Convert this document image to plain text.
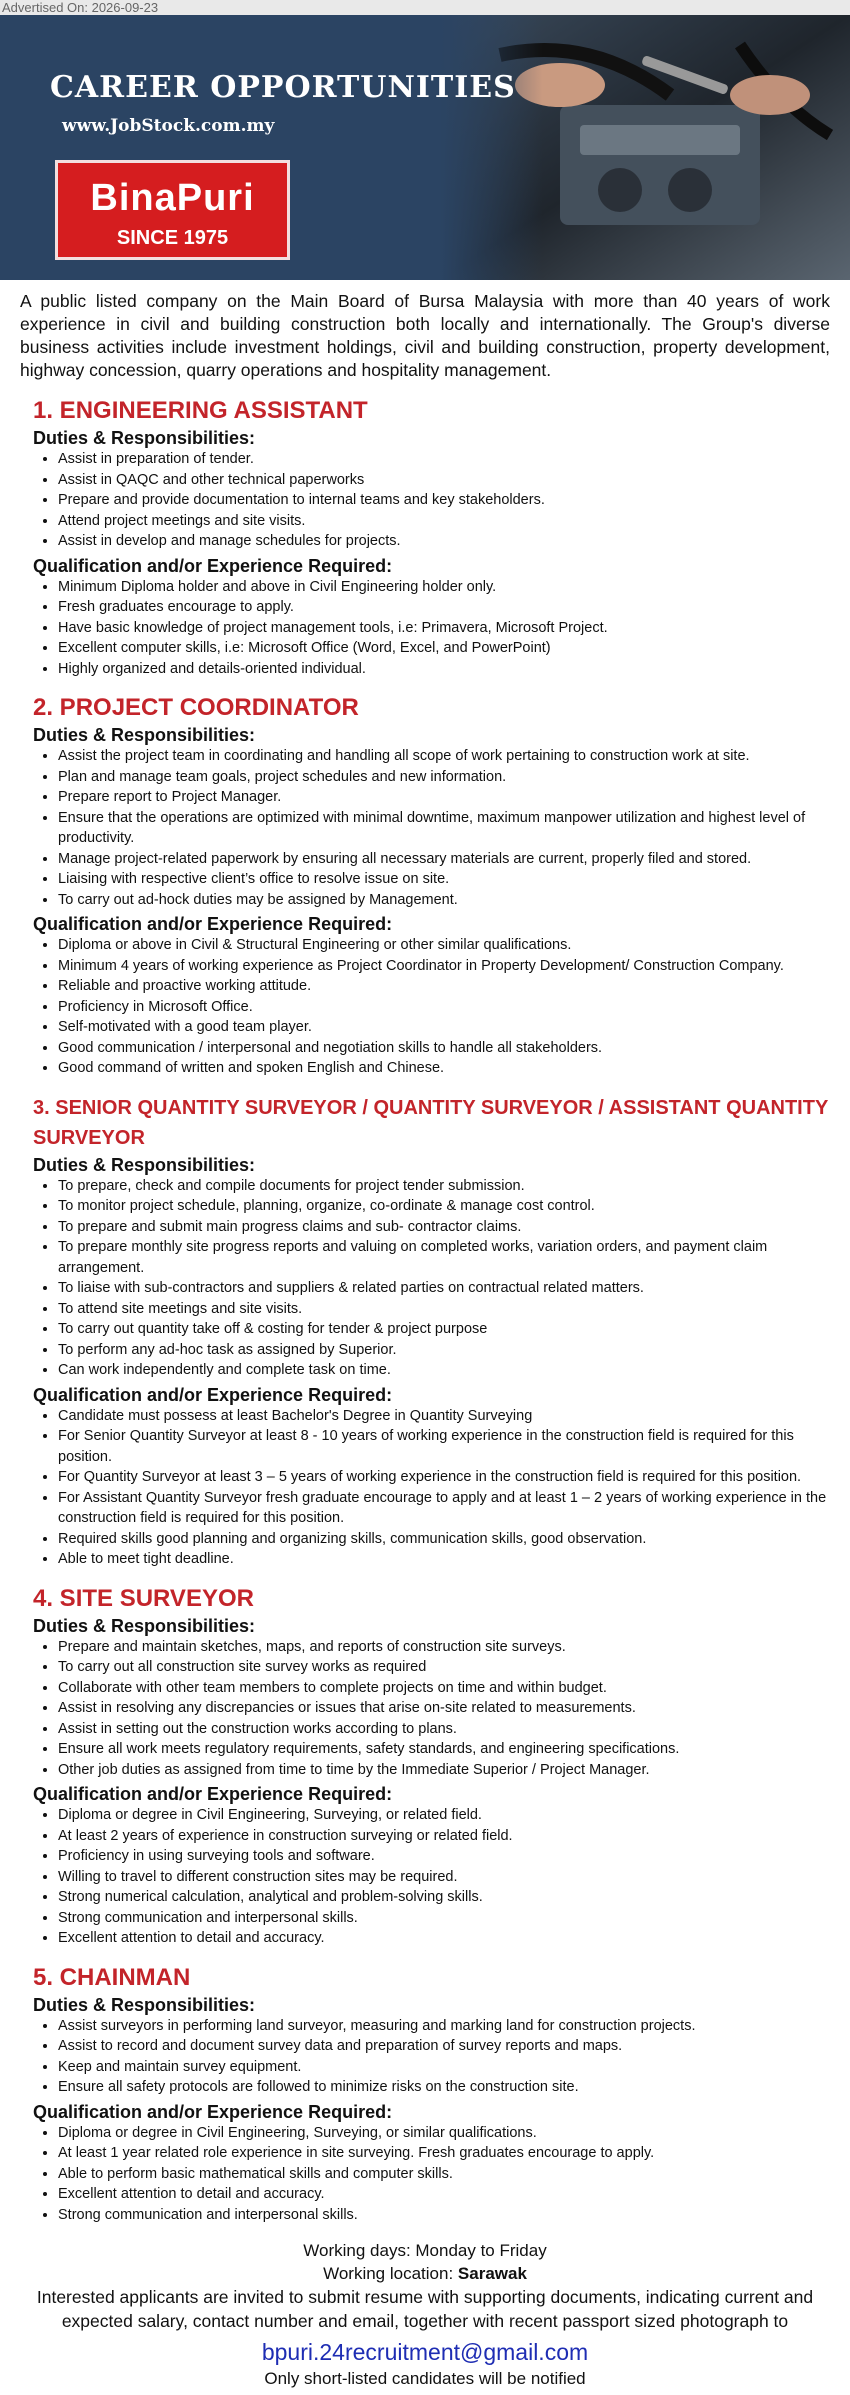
Advertised On: 2026-09-23
CAREER OPPORTUNITIES
www.JobStock.com.my
BinaPuri
SINCE 1975
A public listed company on the Main Board of Bursa Malaysia with more than 40 years of work experience in civil and building construction both locally and internationally. The Group's diverse business activities include investment holdings, civil and building construction, property development, highway concession, quarry operations and hospitality management.
1. ENGINEERING ASSISTANT
Duties & Responsibilities:
• Assist in preparation of tender.
• Assist in QAQC and other technical paperworks
• Prepare and provide documentation to internal teams and key stakeholders.
• Attend project meetings and site visits.
• Assist in develop and manage schedules for projects.
Qualification and/or Experience Required:
• Minimum Diploma holder and above in Civil Engineering holder only.
• Fresh graduates encourage to apply.
• Have basic knowledge of project management tools, i.e: Primavera, Microsoft Project.
• Excellent computer skills, i.e: Microsoft Office (Word, Excel, and PowerPoint)
• Highly organized and details-oriented individual.
2. PROJECT COORDINATOR
Duties & Responsibilities:
• Assist the project team in coordinating and handling all scope of work pertaining to construction work at site.
• Plan and manage team goals, project schedules and new information.
• Prepare report to Project Manager.
• Ensure that the operations are optimized with minimal downtime, maximum manpower utilization and highest level of productivity.
• Manage project-related paperwork by ensuring all necessary materials are current, properly filed and stored.
• Liaising with respective client’s office to resolve issue on site.
• To carry out ad-hock duties may be assigned by Management.
Qualification and/or Experience Required:
• Diploma or above in Civil & Structural Engineering or other similar qualifications.
• Minimum 4 years of working experience as Project Coordinator in Property Development/ Construction Company.
• Reliable and proactive working attitude.
• Proficiency in Microsoft Office.
• Self-motivated with a good team player.
• Good communication / interpersonal and negotiation skills to handle all stakeholders.
• Good command of written and spoken English and Chinese.
3. SENIOR QUANTITY SURVEYOR / QUANTITY SURVEYOR / ASSISTANT QUANTITY SURVEYOR
Duties & Responsibilities:
• To prepare, check and compile documents for project tender submission.
• To monitor project schedule, planning, organize, co-ordinate & manage cost control.
• To prepare and submit main progress claims and sub- contractor claims.
• To prepare monthly site progress reports and valuing on completed works, variation orders, and payment claim arrangement.
• To liaise with sub-contractors and suppliers & related parties on contractual related matters.
• To attend site meetings and site visits.
• To carry out quantity take off & costing for tender & project purpose
• To perform any ad-hoc task as assigned by Superior.
• Can work independently and complete task on time.
Qualification and/or Experience Required:
• Candidate must possess at least Bachelor's Degree in Quantity Surveying
• For Senior Quantity Surveyor at least 8 - 10 years of working experience in the construction field is required for this position.
• For Quantity Surveyor at least 3 – 5 years of working experience in the construction field is required for this position.
• For Assistant Quantity Surveyor fresh graduate encourage to apply and at least 1 – 2 years of working experience in the construction field is required for this position.
• Required skills good planning and organizing skills, communication skills, good observation.
• Able to meet tight deadline.
4. SITE SURVEYOR
Duties & Responsibilities:
• Prepare and maintain sketches, maps, and reports of construction site surveys.
• To carry out all construction site survey works as required
• Collaborate with other team members to complete projects on time and within budget.
• Assist in resolving any discrepancies or issues that arise on-site related to measurements.
• Assist in setting out the construction works according to plans.
• Ensure all work meets regulatory requirements, safety standards, and engineering specifications.
• Other job duties as assigned from time to time by the Immediate Superior / Project Manager.
Qualification and/or Experience Required:
• Diploma or degree in Civil Engineering, Surveying, or related field.
• At least 2 years of experience in construction surveying or related field.
• Proficiency in using surveying tools and software.
• Willing to travel to different construction sites may be required.
• Strong numerical calculation, analytical and problem-solving skills.
• Strong communication and interpersonal skills.
• Excellent attention to detail and accuracy.
5. CHAINMAN
Duties & Responsibilities:
• Assist surveyors in performing land surveyor, measuring and marking land for construction projects.
• Assist to record and document survey data and preparation of survey reports and maps.
• Keep and maintain survey equipment.
• Ensure all safety protocols are followed to minimize risks on the construction site.
Qualification and/or Experience Required:
• Diploma or degree in Civil Engineering, Surveying, or similar qualifications.
• At least 1 year related role experience in site surveying. Fresh graduates encourage to apply.
• Able to perform basic mathematical skills and computer skills.
• Excellent attention to detail and accuracy.
• Strong communication and interpersonal skills.
Working days: Monday to Friday
Working location: Sarawak
Interested applicants are invited to submit resume with supporting documents, indicating current and expected salary, contact number and email, together with recent passport sized photograph to
bpuri.24recruitment@gmail.com
Only short-listed candidates will be notified
